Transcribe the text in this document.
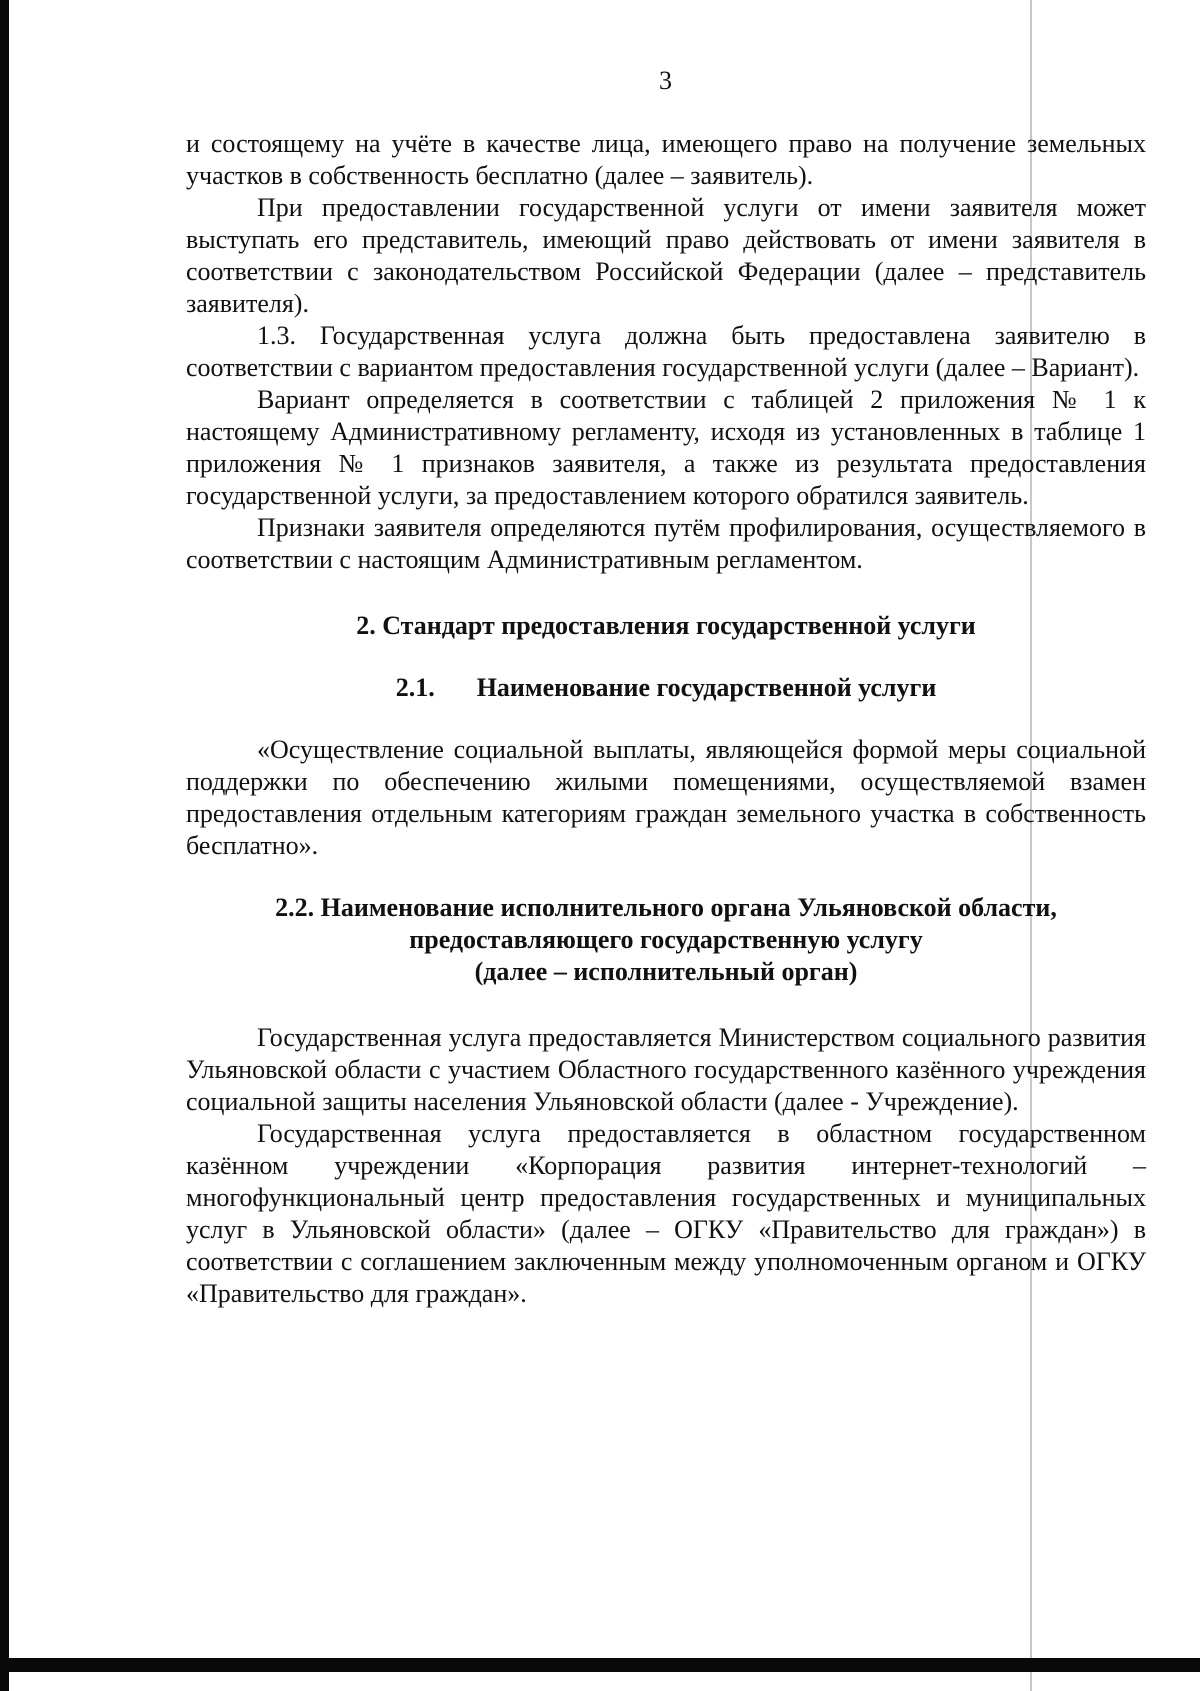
3

и состоящему на учёте в качестве лица, имеющего право на получение земельных участков в собственность бесплатно (далее – заявитель).

При предоставлении государственной услуги от имени заявителя может выступать его представитель, имеющий право действовать от имени заявителя в соответствии с законодательством Российской Федерации (далее – представитель заявителя).

1.3. Государственная услуга должна быть предоставлена заявителю в соответствии с вариантом предоставления государственной услуги (далее – Вариант).

Вариант определяется в соответствии с таблицей 2 приложения № 1 к настоящему Административному регламенту, исходя из установленных в таблице 1 приложения № 1 признаков заявителя, а также из результата предоставления государственной услуги, за предоставлением которого обратился заявитель.

Признаки заявителя определяются путём профилирования, осуществляемого в соответствии с настоящим Административным регламентом.

2. Стандарт предоставления государственной услуги
2.1. Наименование государственной услуги

«Осуществление социальной выплаты, являющейся формой меры социальной поддержки по обеспечению жилыми помещениями, осуществляемой взамен предоставления отдельным категориям граждан земельного участка в собственность бесплатно».

2.2. Наименование исполнительного органа Ульяновской области,
предоставляющего государственную услугу
(далее – исполнительный орган)

Государственная услуга предоставляется Министерством социального развития Ульяновской области с участием Областного государственного казённого учреждения социальной защиты населения Ульяновской области (далее - Учреждение).

Государственная услуга предоставляется в областном государственном казённом учреждении «Корпорация развития интернет-технологий – многофункциональный центр предоставления государственных и муниципальных услуг в Ульяновской области» (далее – ОГКУ «Правительство для граждан») в соответствии с соглашением заключенным между уполномоченным органом и ОГКУ «Правительство для граждан».
